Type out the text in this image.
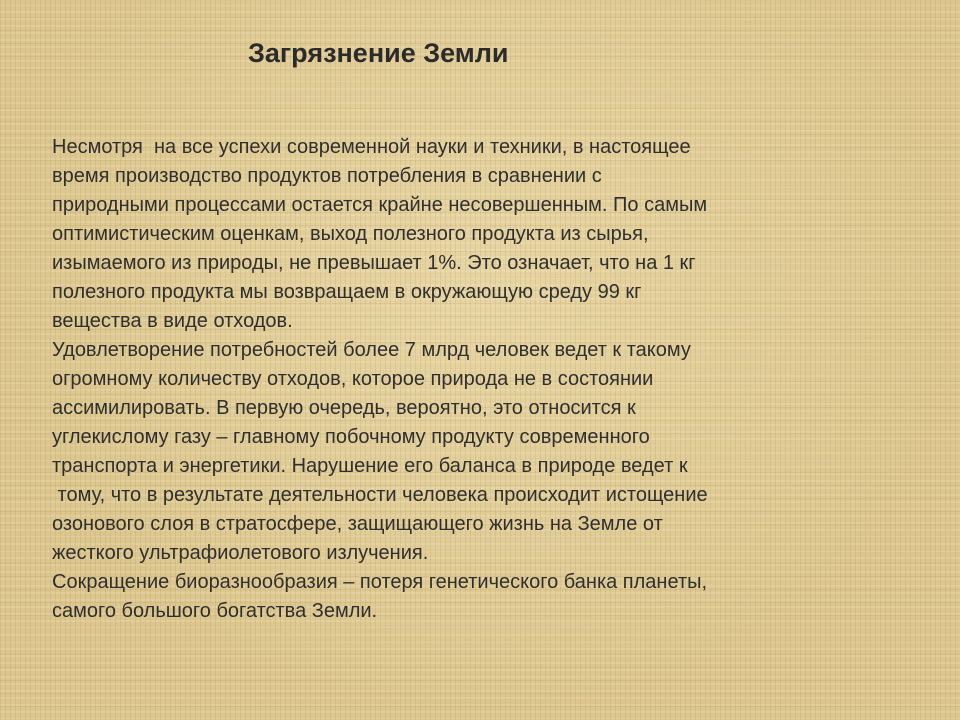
Загрязнение Земли
Несмотря  на все успехи современной науки и техники, в настоящее
время производство продуктов потребления в сравнении с
природными процессами остается крайне несовершенным. По самым
оптимистическим оценкам, выход полезного продукта из сырья,
изымаемого из природы, не превышает 1%. Это означает, что на 1 кг
полезного продукта мы возвращаем в окружающую среду 99 кг
вещества в виде отходов.
Удовлетворение потребностей более 7 млрд человек ведет к такому
огромному количеству отходов, которое природа не в состоянии
ассимилировать. В первую очередь, вероятно, это относится к
углекислому газу – главному побочному продукту современного
транспорта и энергетики. Нарушение его баланса в природе ведет к
тому, что в результате деятельности человека происходит истощение
озонового слоя в стратосфере, защищающего жизнь на Земле от
жесткого ультрафиолетового излучения.
Сокращение биоразнообразия – потеря генетического банка планеты,
самого большого богатства Земли.
